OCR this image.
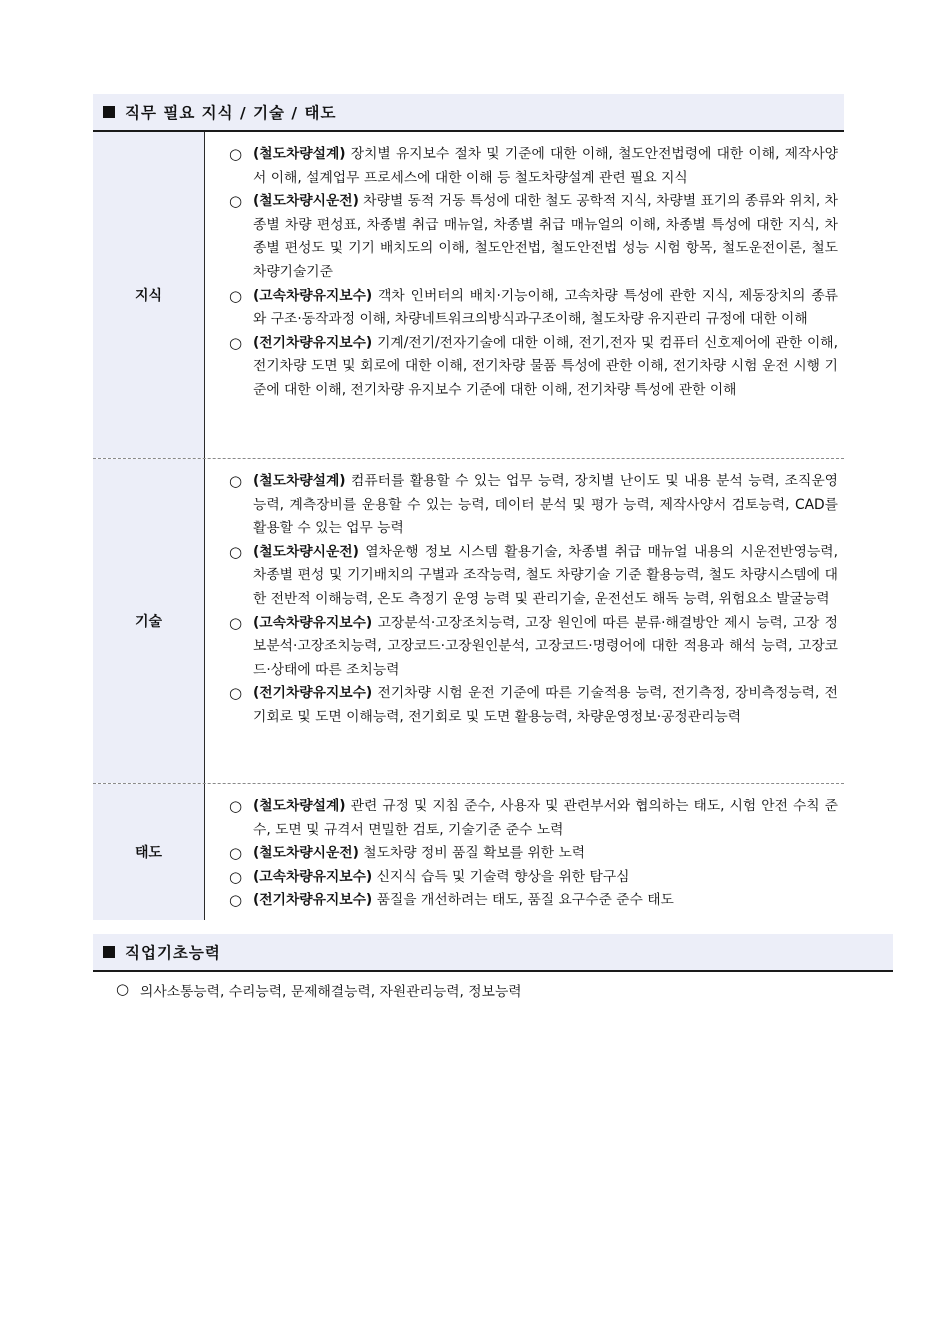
직무 필요 지식 / 기술 / 태도
지식
○ (철도차량설계) 장치별 유지보수 절차 및 기준에 대한 이해, 철도안전법령에 대한 이해, 제작사양서 이해, 설계업무 프로세스에 대한 이해 등 철도차량설계 관련 필요 지식
○ (철도차량시운전) 차량별 동적 거동 특성에 대한 철도 공학적 지식, 차량별 표기의 종류와 위치, 차종별 차량 편성표, 차종별 취급 매뉴얼, 차종별 취급 매뉴얼의 이해, 차종별 특성에 대한 지식, 차종별 편성도 및 기기 배치도의 이해, 철도안전법, 철도안전법 성능 시험 항목, 철도운전이론, 철도차량기술기준
○ (고속차량유지보수) 객차 인버터의 배치·기능이해, 고속차량 특성에 관한 지식, 제동장치의 종류와 구조·동작과정 이해, 차량네트워크의방식과구조이해, 철도차량 유지관리 규정에 대한 이해
○ (전기차량유지보수) 기계/전기/전자기술에 대한 이해, 전기,전자 및 컴퓨터 신호제어에 관한 이해, 전기차량 도면 및 회로에 대한 이해, 전기차량 물품 특성에 관한 이해, 전기차량 시험 운전 시행 기준에 대한 이해, 전기차량 유지보수 기준에 대한 이해, 전기차량 특성에 관한 이해
기술
○ (철도차량설계) 컴퓨터를 활용할 수 있는 업무 능력, 장치별 난이도 및 내용 분석 능력, 조직운영 능력, 계측장비를 운용할 수 있는 능력, 데이터 분석 및 평가 능력, 제작사양서 검토능력, CAD를 활용할 수 있는 업무 능력
○ (철도차량시운전) 열차운행 정보 시스템 활용기술, 차종별 취급 매뉴얼 내용의 시운전반영능력, 차종별 편성 및 기기배치의 구별과 조작능력, 철도 차량기술 기준 활용능력, 철도 차량시스템에 대한 전반적 이해능력, 온도 측정기 운영 능력 및 관리기술, 운전선도 해독 능력, 위험요소 발굴능력
○ (고속차량유지보수) 고장분석·고장조치능력, 고장 원인에 따른 분류·해결방안 제시 능력, 고장 정보분석·고장조치능력, 고장코드·고장원인분석, 고장코드·명령어에 대한 적용과 해석 능력, 고장코드·상태에 따른 조치능력
○ (전기차량유지보수) 전기차량 시험 운전 기준에 따른 기술적용 능력, 전기측정, 장비측정능력, 전기회로 및 도면 이해능력, 전기회로 및 도면 활용능력, 차량운영정보·공정관리능력
태도
○ (철도차량설계) 관련 규정 및 지침 준수, 사용자 및 관련부서와 협의하는 태도, 시험 안전 수칙 준수, 도면 및 규격서 면밀한 검토, 기술기준 준수 노력
○ (철도차량시운전) 철도차량 정비 품질 확보를 위한 노력
○ (고속차량유지보수) 신지식 습득 및 기술력 향상을 위한 탐구심
○ (전기차량유지보수) 품질을 개선하려는 태도, 품질 요구수준 준수 태도
직업기초능력
○ 의사소통능력, 수리능력, 문제해결능력, 자원관리능력, 정보능력
